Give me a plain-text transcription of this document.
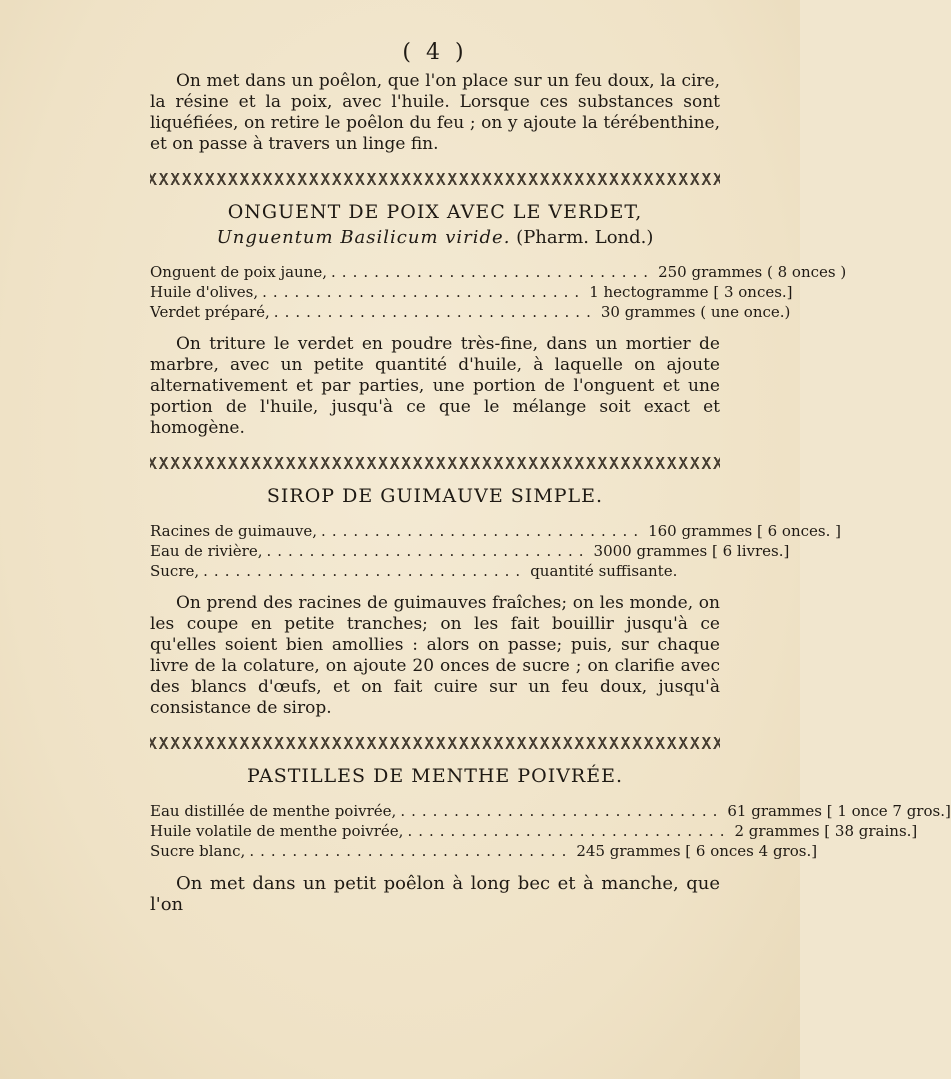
( 4 )

On met dans un poêlon, que l'on place sur un feu doux, la cire, la résine et la poix, avec l'huile. Lorsque ces substances sont liquéfiées, on retire le poêlon du feu ; on y ajoute la térébenthine, et on passe à travers un linge fin.

ONGUENT DE POIX AVEC LE VERDET,
Unguentum Basilicum viride. (Pharm. Lond.)
Onguent de poix jaune, .............................. 250 grammes ( 8 onces )
Huile d'olives, .............................. 1 hectogramme [ 3 onces.]
Verdet préparé, .............................. 30 grammes ( une once.)

On triture le verdet en poudre très-fine, dans un mortier de marbre, avec un petite quantité d'huile, à laquelle on ajoute alternativement et par parties, une portion de l'onguent et une portion de l'huile, jusqu'à ce que le mélange soit exact et homogène.

SIROP DE GUIMAUVE SIMPLE.
Racines de guimauve, .............................. 160 grammes [ 6 onces. ]
Eau de rivière, .............................. 3000 grammes [ 6 livres.]
Sucre, .............................. quantité suffisante.

On prend des racines de guimauves fraîches; on les monde, on les coupe en petite tranches; on les fait bouillir jusqu'à ce qu'elles soient bien amollies : alors on passe; puis, sur chaque livre de la colature, on ajoute 20 onces de sucre ; on clarifie avec des blancs d'œufs, et on fait cuire sur un feu doux, jusqu'à consistance de sirop.

PASTILLES DE MENTHE POIVRÉE.
Eau distillée de menthe poivrée, .............................. 61 grammes [ 1 once 7 gros.]
Huile volatile de menthe poivrée, .............................. 2 grammes [ 38 grains.]
Sucre blanc, .............................. 245 grammes [ 6 onces 4 gros.]

On met dans un petit poêlon à long bec et à manche, que l'on
